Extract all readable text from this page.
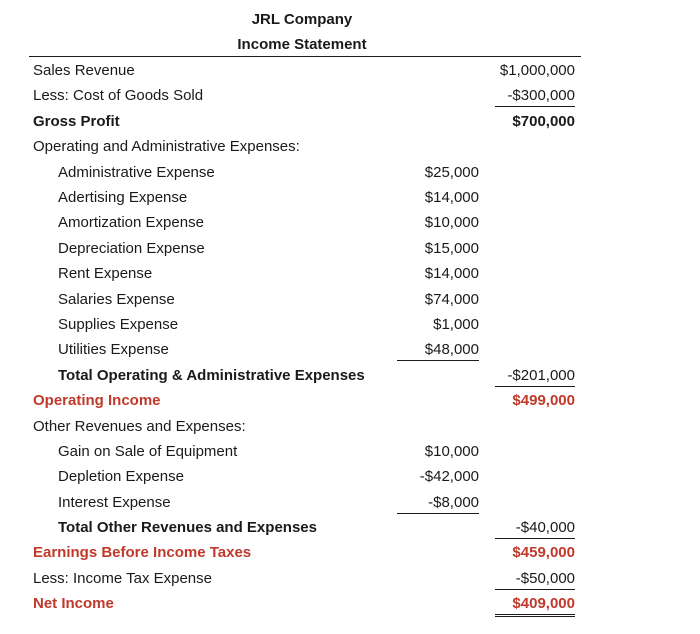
JRL Company
Income Statement
Sales Revenue	$1,000,000
Less: Cost of Goods Sold	-$300,000
Gross Profit	$700,000
Operating and Administrative Expenses:
Administrative Expense	$25,000
Adertising Expense	$14,000
Amortization Expense	$10,000
Depreciation Expense	$15,000
Rent Expense	$14,000
Salaries Expense	$74,000
Supplies Expense	$1,000
Utilities Expense	$48,000
Total Operating & Administrative Expenses	-$201,000
Operating Income	$499,000
Other Revenues and Expenses:
Gain on Sale of Equipment	$10,000
Depletion Expense	-$42,000
Interest Expense	-$8,000
Total Other Revenues and Expenses	-$40,000
Earnings Before Income Taxes	$459,000
Less: Income Tax Expense	-$50,000
Net Income	$409,000
